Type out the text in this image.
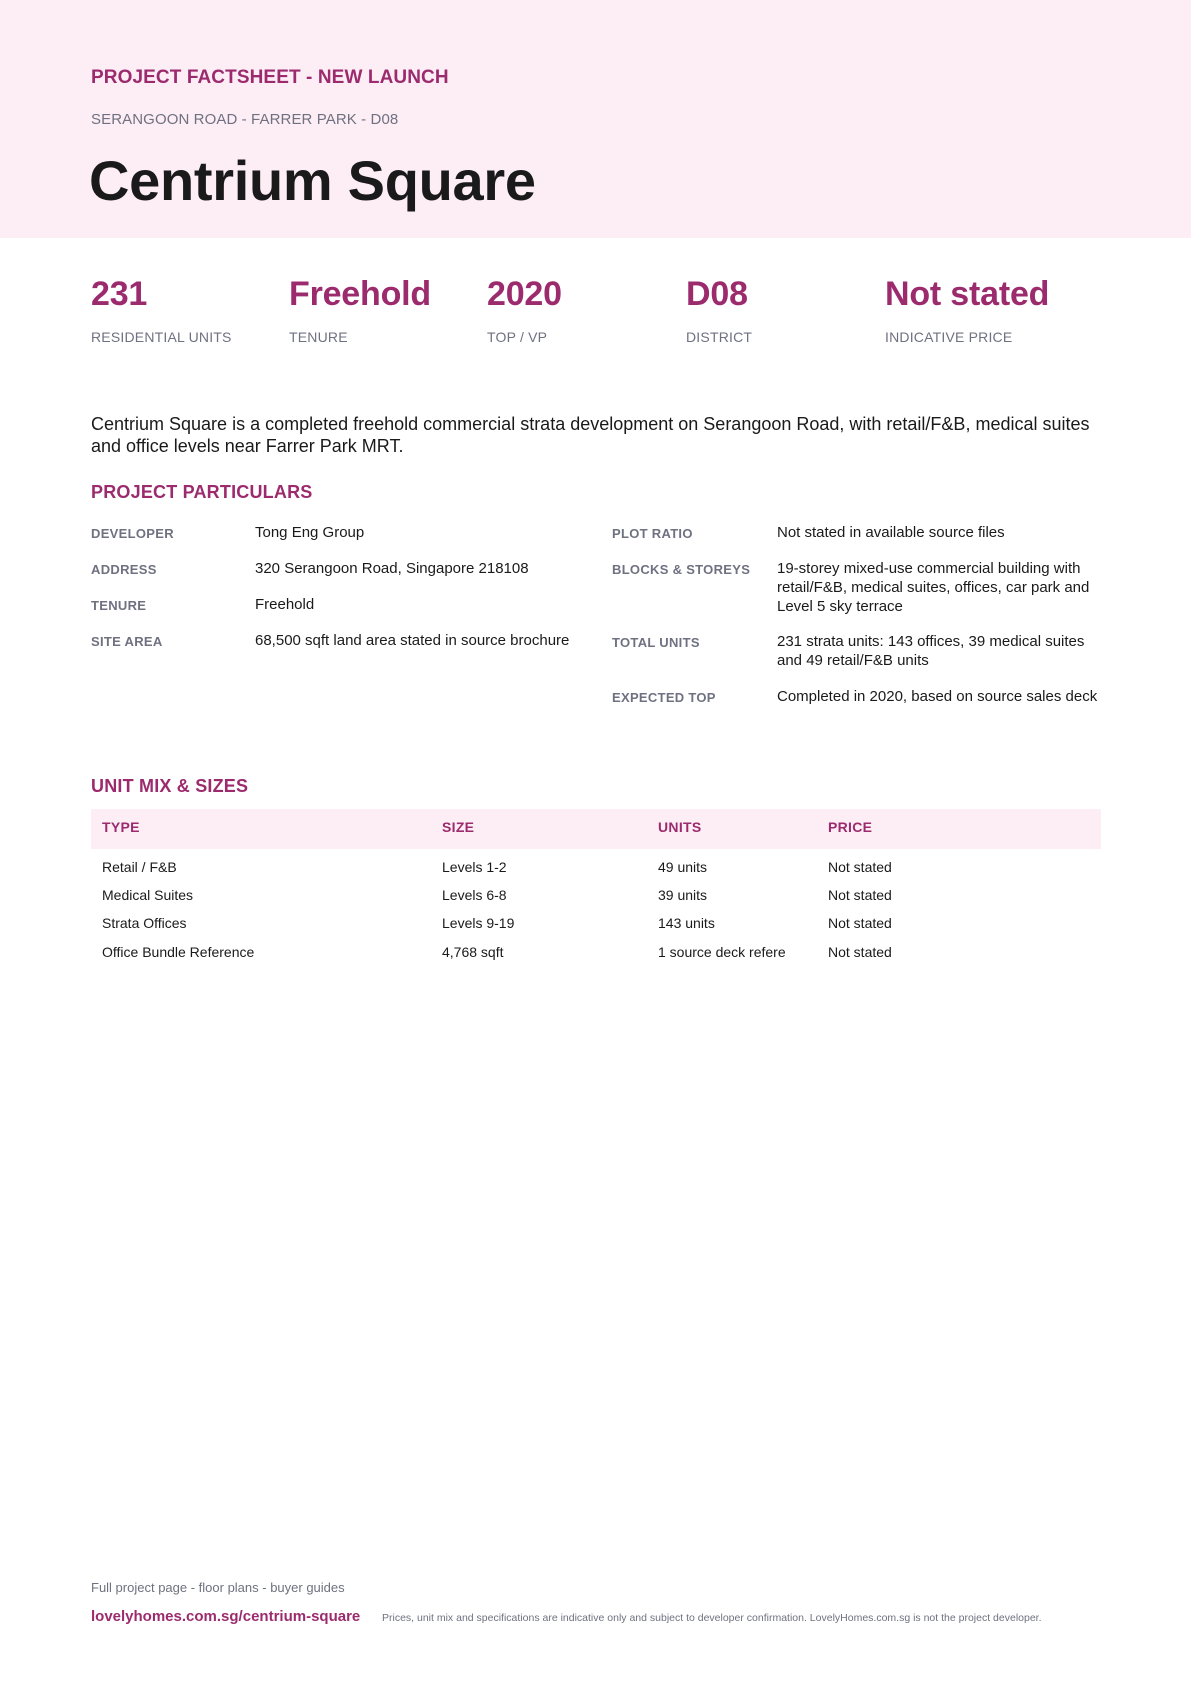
PROJECT FACTSHEET - NEW LAUNCH
SERANGOON ROAD - FARRER PARK - D08
Centrium Square
231
RESIDENTIAL UNITS
Freehold
TENURE
2020
TOP / VP
D08
DISTRICT
Not stated
INDICATIVE PRICE

Centrium Square is a completed freehold commercial strata development on Serangoon Road, with retail/F&B, medical suites and office levels near Farrer Park MRT.

PROJECT PARTICULARS
DEVELOPER	Tong Eng Group
ADDRESS	320 Serangoon Road, Singapore 218108
TENURE	Freehold
SITE AREA	68,500 sqft land area stated in source brochure
PLOT RATIO	Not stated in available source files
BLOCKS & STOREYS 19-storey mixed-use commercial building with retail/F&B, medical suites, offices, car park and Level 5 sky terrace
TOTAL UNITS	231 strata units: 143 offices, 39 medical suites and 49 retail/F&B units
EXPECTED TOP	Completed in 2020, based on source sales deck
UNIT MIX & SIZES
TYPE	SIZE	UNITS	PRICE
Retail / F&B	Levels 1-2	49 units	Not stated
Medical Suites	Levels 6-8	39 units	Not stated
Strata Offices	Levels 9-19	143 units	Not stated
Office Bundle Reference	4,768 sqft	1 source deck refere	Not stated
Full project page - floor plans - buyer guides
lovelyhomes.com.sg/centrium-square Prices, unit mix and specifications are indicative only and subject to developer confirmation. LovelyHomes.com.sg is not the project developer.
